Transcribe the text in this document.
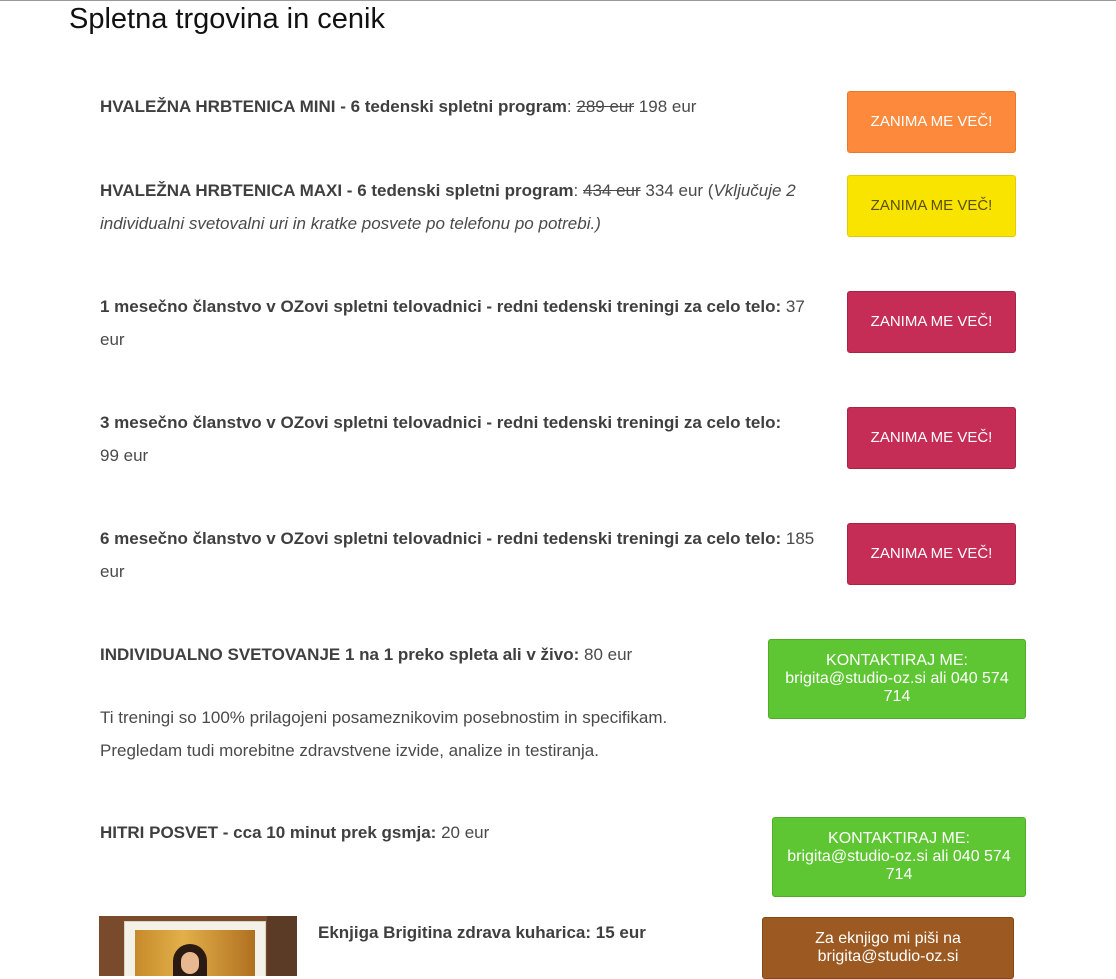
Spletna trgovina in cenik
HVALEŽNA HRBTENICA MINI - 6 tedenski spletni program: 289 eur 198 eur
ZANIMA ME VEČ!
HVALEŽNA HRBTENICA MAXI - 6 tedenski spletni program: 434 eur 334 eur (Vključuje 2 individualni svetovalni uri in kratke posvete po telefonu po potrebi.)
ZANIMA ME VEČ!
1 mesečno članstvo v OZovi spletni telovadnici - redni tedenski treningi za celo telo: 37 eur
ZANIMA ME VEČ!
3 mesečno članstvo v OZovi spletni telovadnici - redni tedenski treningi za celo telo: 99 eur
ZANIMA ME VEČ!
6 mesečno članstvo v OZovi spletni telovadnici - redni tedenski treningi za celo telo: 185 eur
ZANIMA ME VEČ!
INDIVIDUALNO SVETOVANJE 1 na 1 preko spleta ali v živo: 80 eur
Ti treningi so 100% prilagojeni posameznikovim posebnostim in specifikam.
Pregledam tudi morebitne zdravstvene izvide, analize in testiranja.
KONTAKTIRAJ ME: brigita@studio-oz.si ali 040 574 714
HITRI POSVET - cca 10 minut prek gsmja: 20 eur	KONTAKTIRAJ ME: brigita@studio-oz.si ali 040 574 714
Eknjiga Brigitina zdrava kuharica: 15 eur	Za eknjigo mi piši na brigita@studio-oz.si
